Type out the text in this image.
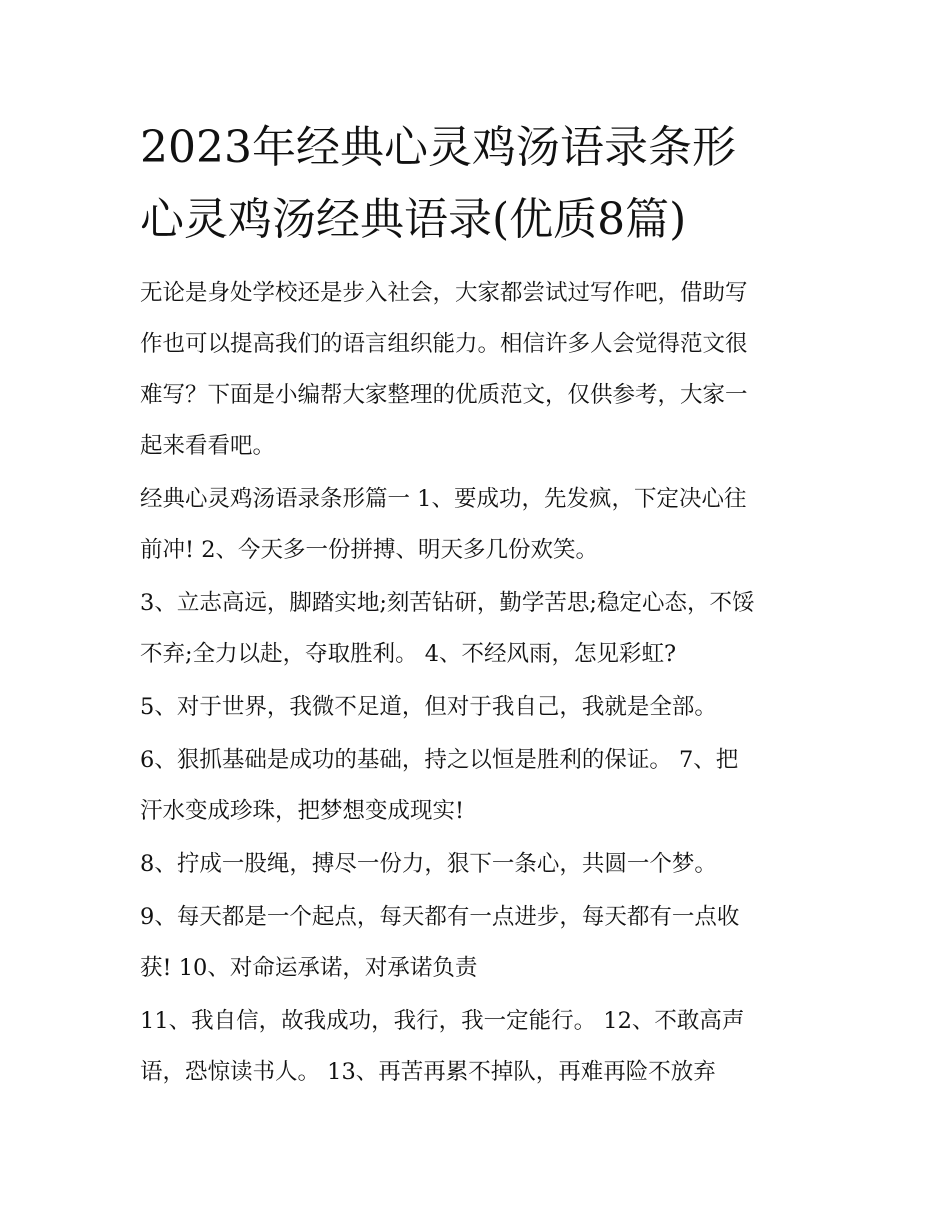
2023年经典心灵鸡汤语录条形
心灵鸡汤经典语录(优质8篇)

无论是身处学校还是步入社会，大家都尝试过写作吧，借助写
作也可以提高我们的语言组织能力。相信许多人会觉得范文很
难写？下面是小编帮大家整理的优质范文，仅供参考，大家一
起来看看吧。

经典心灵鸡汤语录条形篇一 1、要成功，先发疯，下定决心往
前冲! 2、今天多一份拼搏、明天多几份欢笑。

3、立志高远，脚踏实地;刻苦钻研，勤学苦思;稳定心态，不馁
不弃;全力以赴，夺取胜利。 4、不经风雨，怎见彩虹?

5、对于世界，我微不足道，但对于我自己，我就是全部。

6、狠抓基础是成功的基础，持之以恒是胜利的保证。 7、把
汗水变成珍珠，把梦想变成现实!

8、拧成一股绳，搏尽一份力，狠下一条心，共圆一个梦。

9、每天都是一个起点，每天都有一点进步，每天都有一点收
获! 10、对命运承诺，对承诺负责

11、我自信，故我成功，我行，我一定能行。 12、不敢高声
语，恐惊读书人。 13、再苦再累不掉队，再难再险不放弃
